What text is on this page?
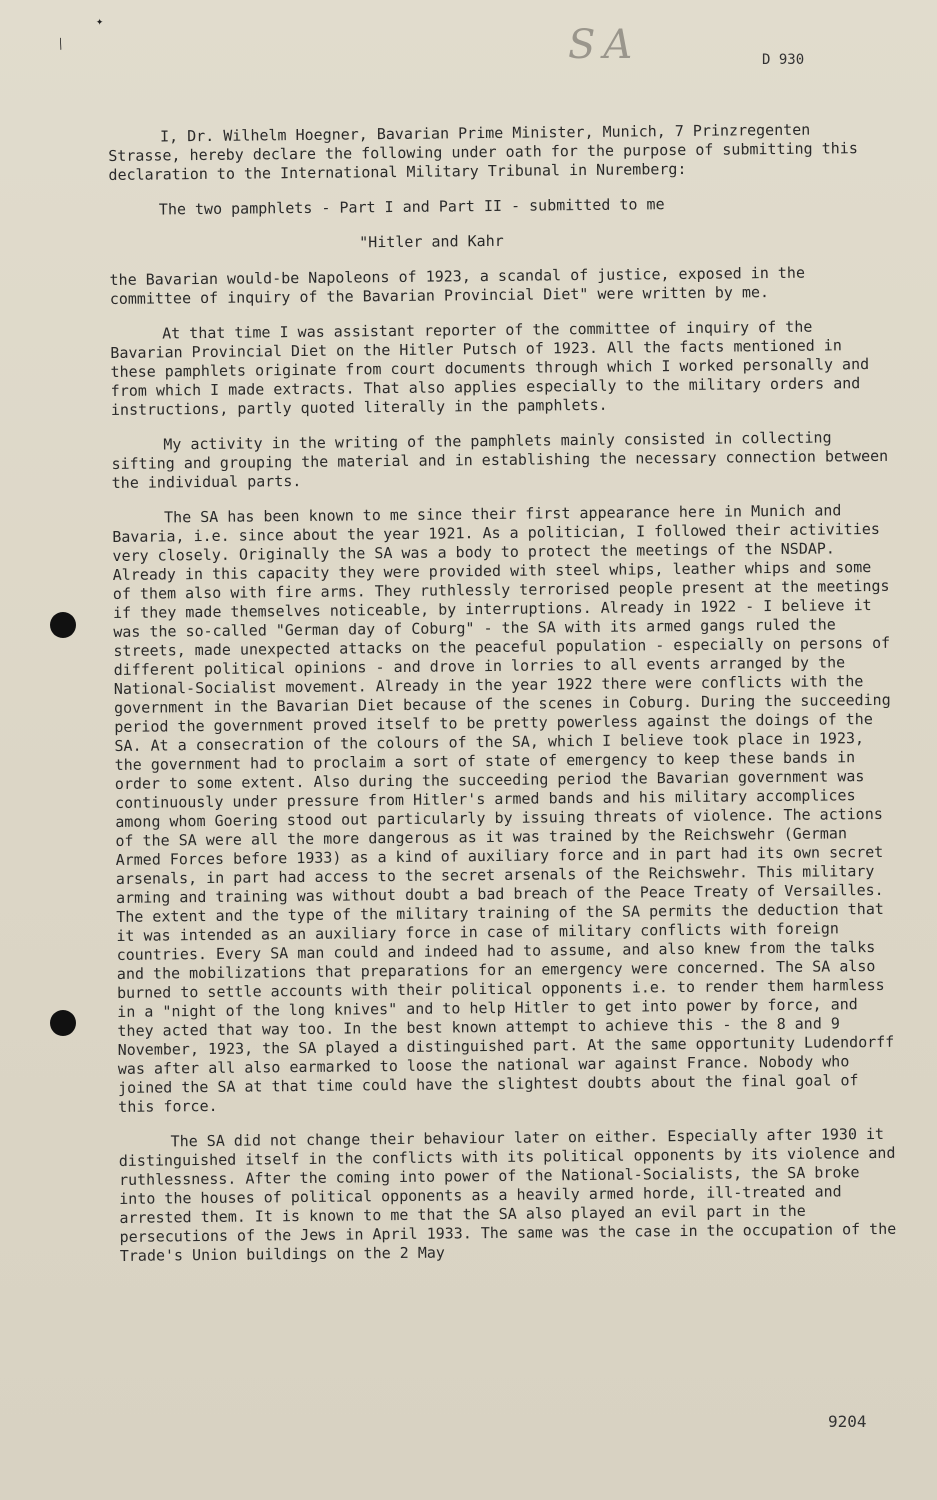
✦
⁄	SA	D 930

I, Dr. Wilhelm Hoegner, Bavarian Prime Minister, Munich, 7 Prinzregenten Strasse, hereby declare the following under oath for the purpose of submitting this declaration to the International Military Tribunal in Nuremberg:

The two pamphlets - Part I and Part II - submitted to me

"Hitler and Kahr

the Bavarian would-be Napoleons of 1923, a scandal of justice, exposed in the committee of inquiry of the Bavarian Provincial Diet" were written by me.

At that time I was assistant reporter of the committee of inquiry of the Bavarian Provincial Diet on the Hitler Putsch of 1923. All the facts mentioned in these pamphlets originate from court documents through which I worked personally and from which I made extracts. That also applies especially to the military orders and instructions, partly quoted literally in the pamphlets.

My activity in the writing of the pamphlets mainly consisted in collecting sifting and grouping the material and in establishing the necessary connection between the individual parts.

The SA has been known to me since their first appearance here in Munich and Bavaria, i.e. since about the year 1921. As a politician, I followed their activities very closely. Originally the SA was a body to protect the meetings of the NSDAP. Already in this capacity they were provided with steel whips, leather whips and some of them also with fire arms. They ruthlessly terrorised people present at the meetings if they made themselves noticeable, by interruptions. Already in 1922 - I believe it was the so-called "German day of Coburg" - the SA with its armed gangs ruled the streets, made unexpected attacks on the peaceful population - especially on persons of different political opinions - and drove in lorries to all events arranged by the National-Socialist movement. Already in the year 1922 there were conflicts with the government in the Bavarian Diet because of the scenes in Coburg. During the succeeding period the government proved itself to be pretty powerless against the doings of the SA. At a consecration of the colours of the SA, which I believe took place in 1923, the government had to proclaim a sort of state of emergency to keep these bands in order to some extent. Also during the succeeding period the Bavarian government was continuously under pressure from Hitler's armed bands and his military accomplices among whom Goering stood out particularly by issuing threats of violence. The actions of the SA were all the more dangerous as it was trained by the Reichswehr (German Armed Forces before 1933) as a kind of auxiliary force and in part had its own secret arsenals, in part had access to the secret arsenals of the Reichswehr. This military arming and training was without doubt a bad breach of the Peace Treaty of Versailles. The extent and the type of the military training of the SA permits the deduction that it was intended as an auxiliary force in case of military conflicts with foreign countries. Every SA man could and indeed had to assume, and also knew from the talks and the mobilizations that preparations for an emergency were concerned. The SA also burned to settle accounts with their political opponents i.e. to render them harmless in a "night of the long knives" and to help Hitler to get into power by force, and they acted that way too. In the best known attempt to achieve this - the 8 and 9 November, 1923, the SA played a distinguished part. At the same opportunity Ludendorff was after all also earmarked to loose the national war against France. Nobody who joined the SA at that time could have the slightest doubts about the final goal of this force.

The SA did not change their behaviour later on either. Especially after 1930 it distinguished itself in the conflicts with its political opponents by its violence and ruthlessness. After the coming into power of the National-Socialists, the SA broke into the houses of political opponents as a heavily armed horde, ill-treated and arrested them. It is known to me that the SA also played an evil part in the persecutions of the Jews in April 1933. The same was the case in the occupation of the Trade's Union buildings on the 2 May

9204
